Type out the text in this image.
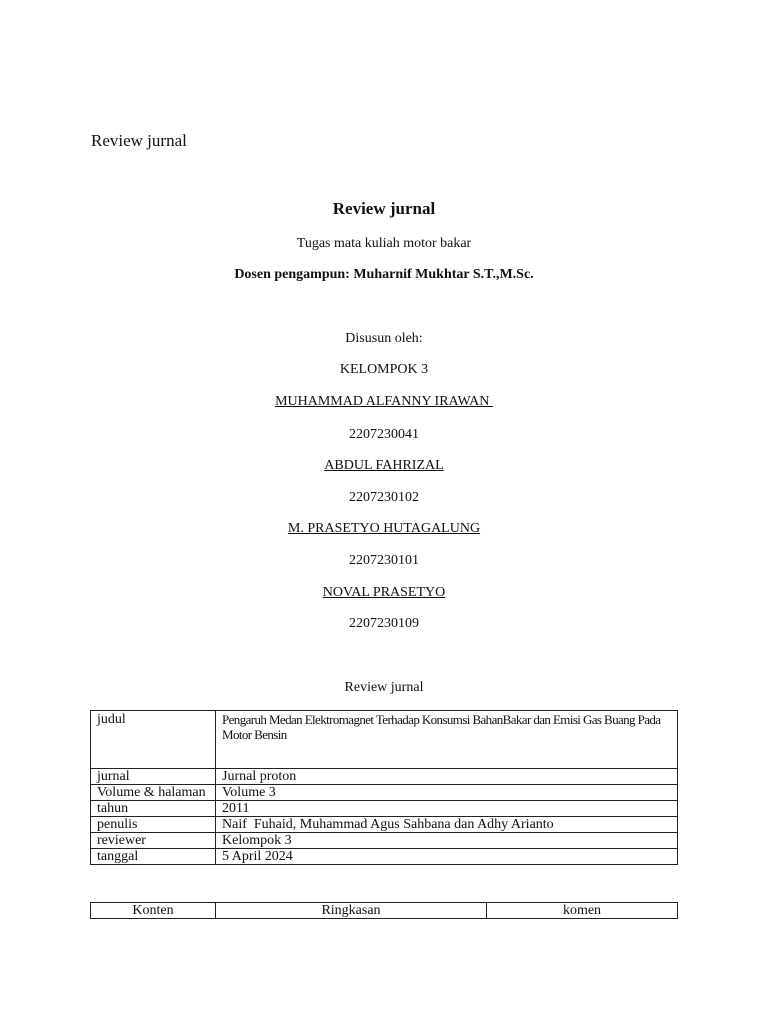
Review jurnal
Review jurnal
Tugas mata kuliah motor bakar
Dosen pengampun: Muharnif Mukhtar S.T.,M.Sc.
Disusun oleh:
KELOMPOK 3
MUHAMMAD ALFANNY IRAWAN
2207230041
ABDUL FAHRIZAL
2207230102
M. PRASETYO HUTAGALUNG
2207230101
NOVAL PRASETYO
2207230109
Review jurnal
judul	Pengaruh Medan Elektromagnet Terhadap Konsumsi BahanBakar dan Emisi Gas Buang Pada Motor Bensin
jurnal	Jurnal proton
Volume & halaman	Volume 3
tahun	2011
penulis	Naif  Fuhaid, Muhammad Agus Sahbana dan Adhy Arianto
reviewer	Kelompok 3
tanggal	5 April 2024
Konten	Ringkasan	komen
